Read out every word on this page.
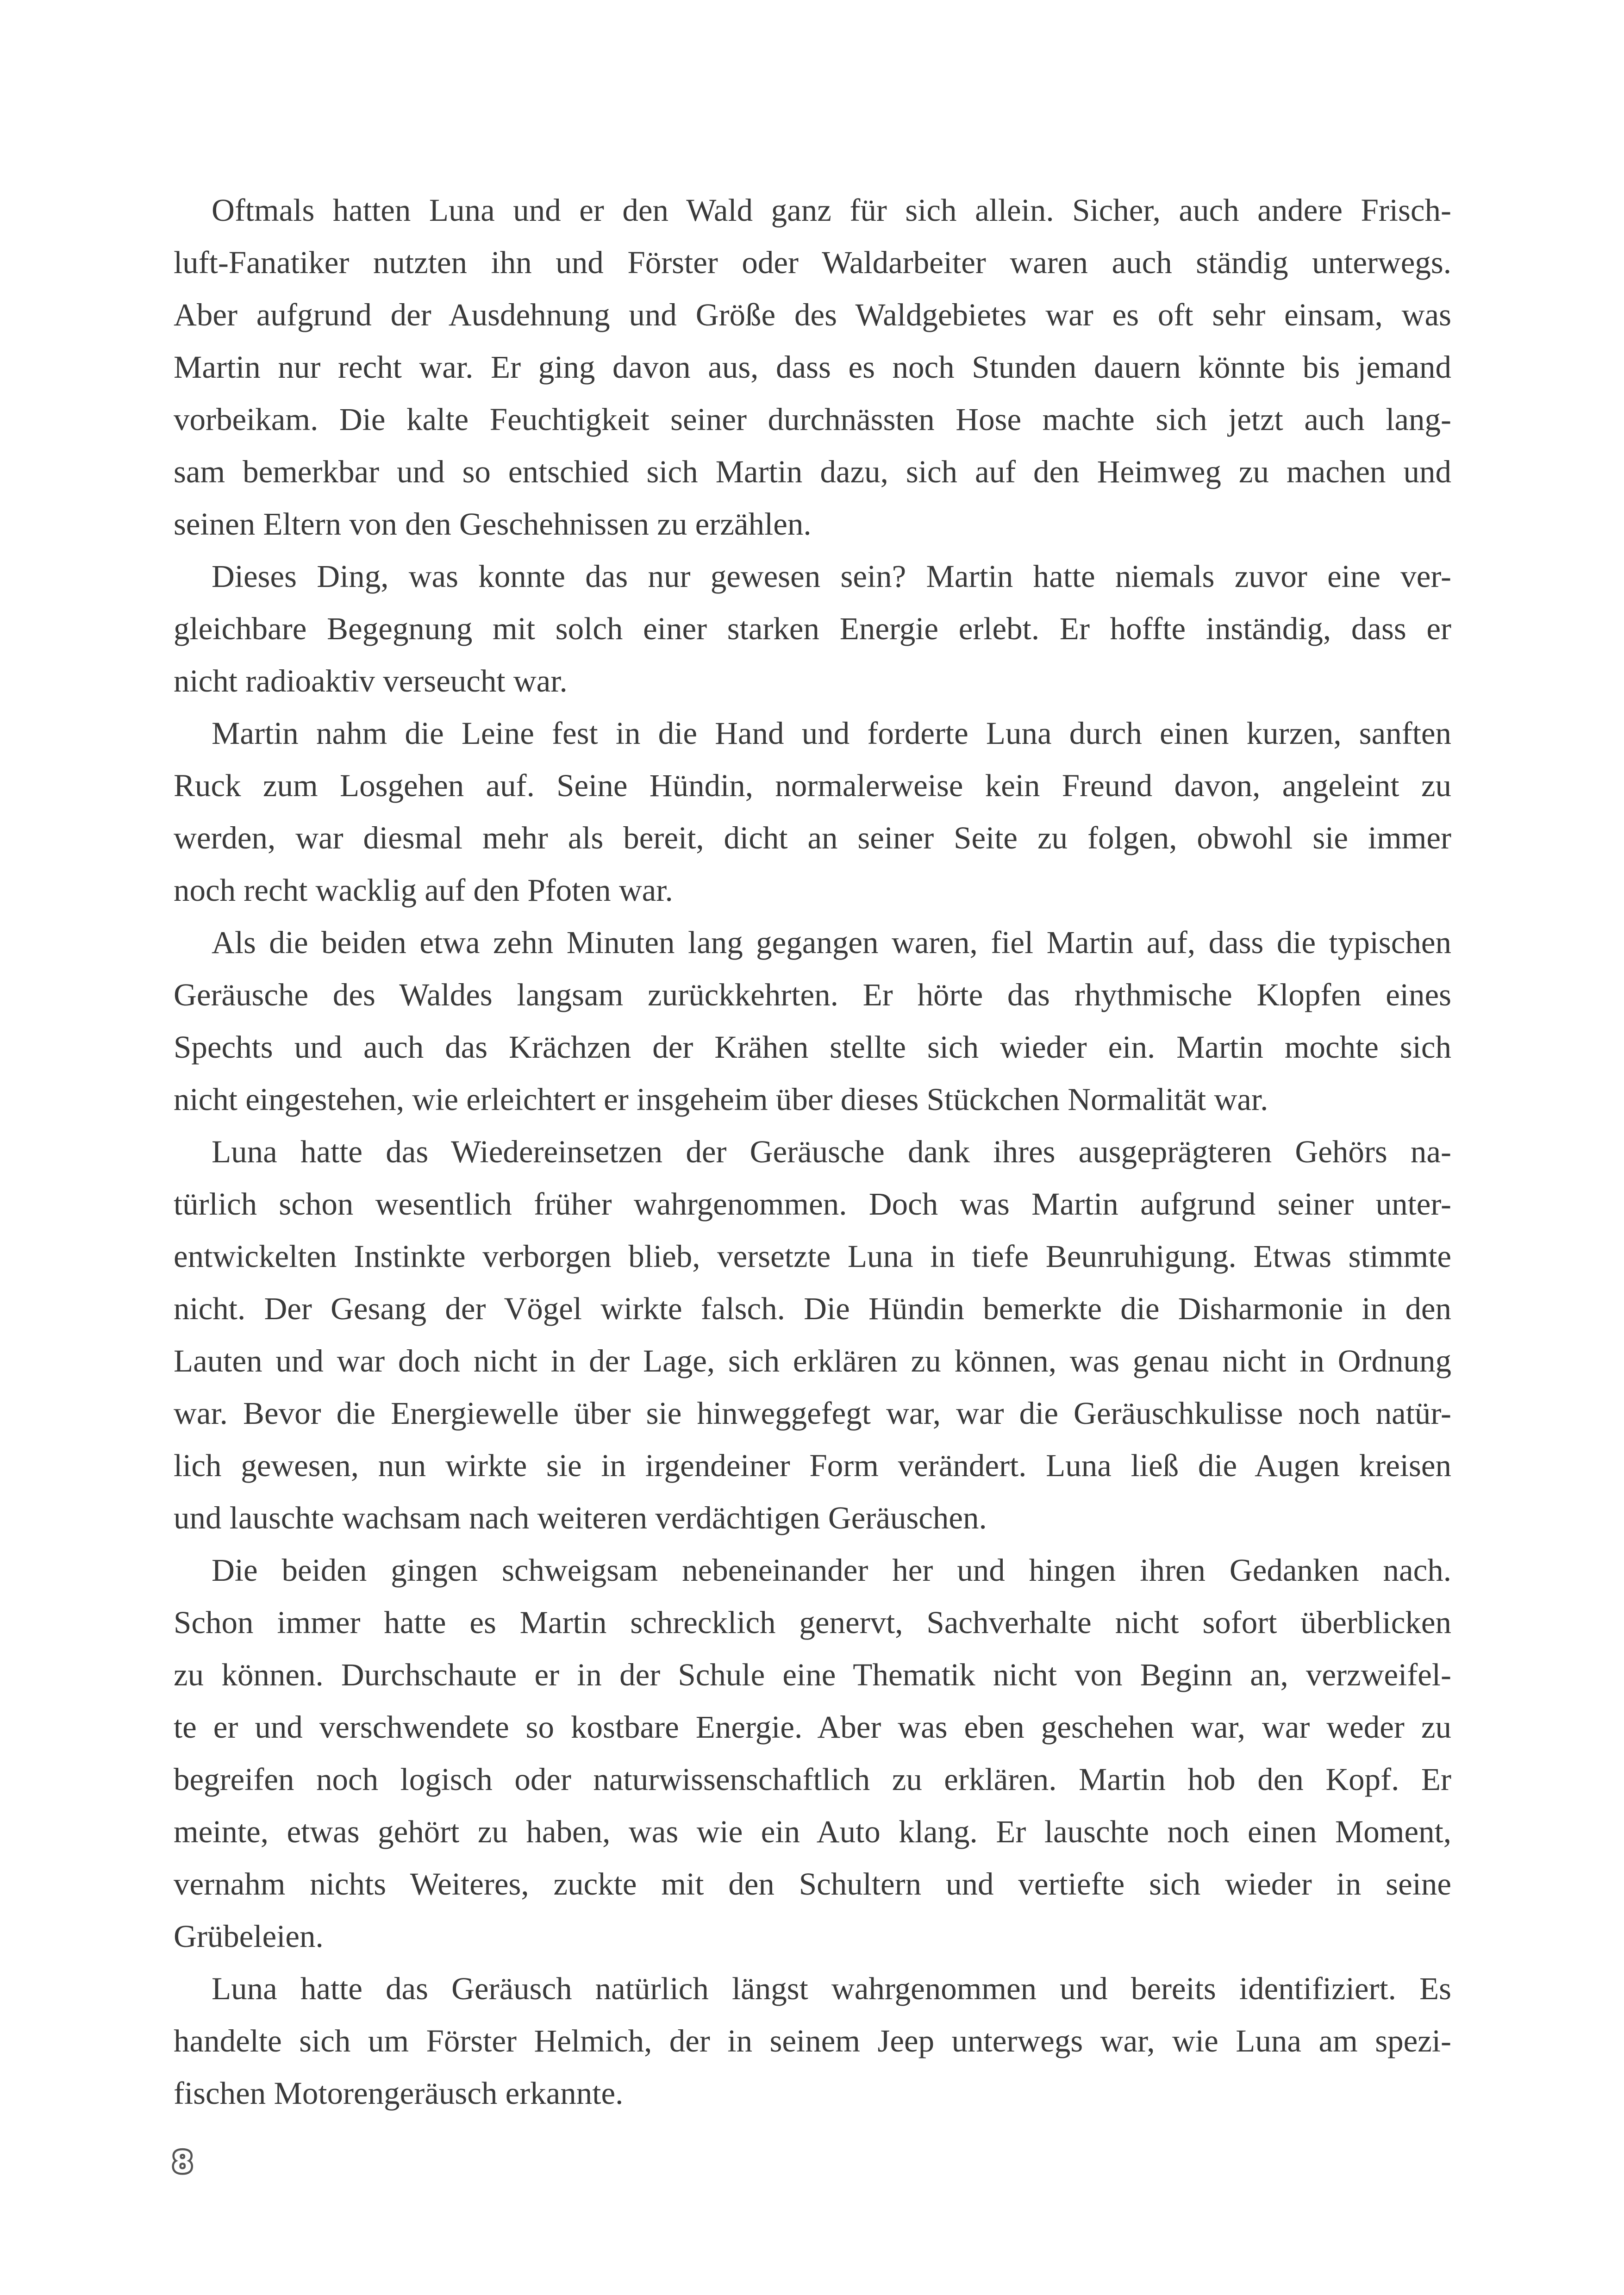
Oftmals hatten Luna und er den Wald ganz für sich allein. Sicher, auch andere Frisch-
luft-Fanatiker nutzten ihn und Förster oder Waldarbeiter waren auch ständig unterwegs.
Aber aufgrund der Ausdehnung und Größe des Waldgebietes war es oft sehr einsam, was
Martin nur recht war. Er ging davon aus, dass es noch Stunden dauern könnte bis jemand
vorbeikam. Die kalte Feuchtigkeit seiner durchnässten Hose machte sich jetzt auch lang-
sam bemerkbar und so entschied sich Martin dazu, sich auf den Heimweg zu machen und
seinen Eltern von den Geschehnissen zu erzählen.
Dieses Ding, was konnte das nur gewesen sein? Martin hatte niemals zuvor eine ver-
gleichbare Begegnung mit solch einer starken Energie erlebt. Er hoffte inständig, dass er
nicht radioaktiv verseucht war.
Martin nahm die Leine fest in die Hand und forderte Luna durch einen kurzen, sanften
Ruck zum Losgehen auf. Seine Hündin, normalerweise kein Freund davon, angeleint zu
werden, war diesmal mehr als bereit, dicht an seiner Seite zu folgen, obwohl sie immer
noch recht wacklig auf den Pfoten war.
Als die beiden etwa zehn Minuten lang gegangen waren, fiel Martin auf, dass die typischen
Geräusche des Waldes langsam zurückkehrten. Er hörte das rhythmische Klopfen eines
Spechts und auch das Krächzen der Krähen stellte sich wieder ein. Martin mochte sich
nicht eingestehen, wie erleichtert er insgeheim über dieses Stückchen Normalität war.
Luna hatte das Wiedereinsetzen der Geräusche dank ihres ausgeprägteren Gehörs na-
türlich schon wesentlich früher wahrgenommen. Doch was Martin aufgrund seiner unter-
entwickelten Instinkte verborgen blieb, versetzte Luna in tiefe Beunruhigung. Etwas stimmte
nicht. Der Gesang der Vögel wirkte falsch. Die Hündin bemerkte die Disharmonie in den
Lauten und war doch nicht in der Lage, sich erklären zu können, was genau nicht in Ordnung
war. Bevor die Energiewelle über sie hinweggefegt war, war die Geräuschkulisse noch natür-
lich gewesen, nun wirkte sie in irgendeiner Form verändert. Luna ließ die Augen kreisen
und lauschte wachsam nach weiteren verdächtigen Geräuschen.
Die beiden gingen schweigsam nebeneinander her und hingen ihren Gedanken nach.
Schon immer hatte es Martin schrecklich genervt, Sachverhalte nicht sofort überblicken
zu können. Durchschaute er in der Schule eine Thematik nicht von Beginn an, verzweifel-
te er und verschwendete so kostbare Energie. Aber was eben geschehen war, war weder zu
begreifen noch logisch oder naturwissenschaftlich zu erklären. Martin hob den Kopf. Er
meinte, etwas gehört zu haben, was wie ein Auto klang. Er lauschte noch einen Moment,
vernahm nichts Weiteres, zuckte mit den Schultern und vertiefte sich wieder in seine
Grübeleien.
Luna hatte das Geräusch natürlich längst wahrgenommen und bereits identifiziert. Es
handelte sich um Förster Helmich, der in seinem Jeep unterwegs war, wie Luna am spezi-
fischen Motorengeräusch erkannte.
8
